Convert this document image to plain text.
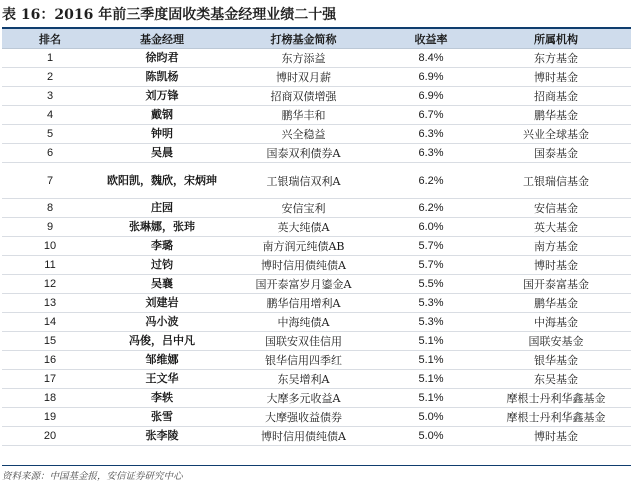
表 16：2016 年前三季度固收类基金经理业绩二十强
排名	基金经理	打榜基金简称	收益率	所属机构
1	徐昀君	东方添益	8.4%	东方基金
2	陈凯杨	博时双月薪	6.9%	博时基金
3	刘万锋	招商双债增强	6.9%	招商基金
4	戴钢	鹏华丰和	6.7%	鹏华基金
5	钟明	兴全稳益	6.3%	兴业全球基金
6	吴晨	国泰双利债券A	6.3%	国泰基金
7	欧阳凯，魏欣，宋炳珅	工银瑞信双利A	6.2%	工银瑞信基金
8	庄园	安信宝利	6.2%	安信基金
9	张琳娜，张玮	英大纯债A	6.0%	英大基金
10	李璐	南方润元纯债AB	5.7%	南方基金
11	过钧	博时信用债纯债A	5.7%	博时基金
12	吴襄	国开泰富岁月鎏金A	5.5%	国开泰富基金
13	刘建岩	鹏华信用增利A	5.3%	鹏华基金
14	冯小波	中海纯债A	5.3%	中海基金
15	冯俊，吕中凡	国联安双佳信用	5.1%	国联安基金
16	邹维娜	银华信用四季红	5.1%	银华基金
17	王文华	东吴增利A	5.1%	东吴基金
18	李轶	大摩多元收益A	5.1%	摩根士丹利华鑫基金
19	张雪	大摩强收益债券	5.0%	摩根士丹利华鑫基金
20	张李陵	博时信用债纯债A	5.0%	博时基金
资料来源：中国基金报，安信证券研究中心
